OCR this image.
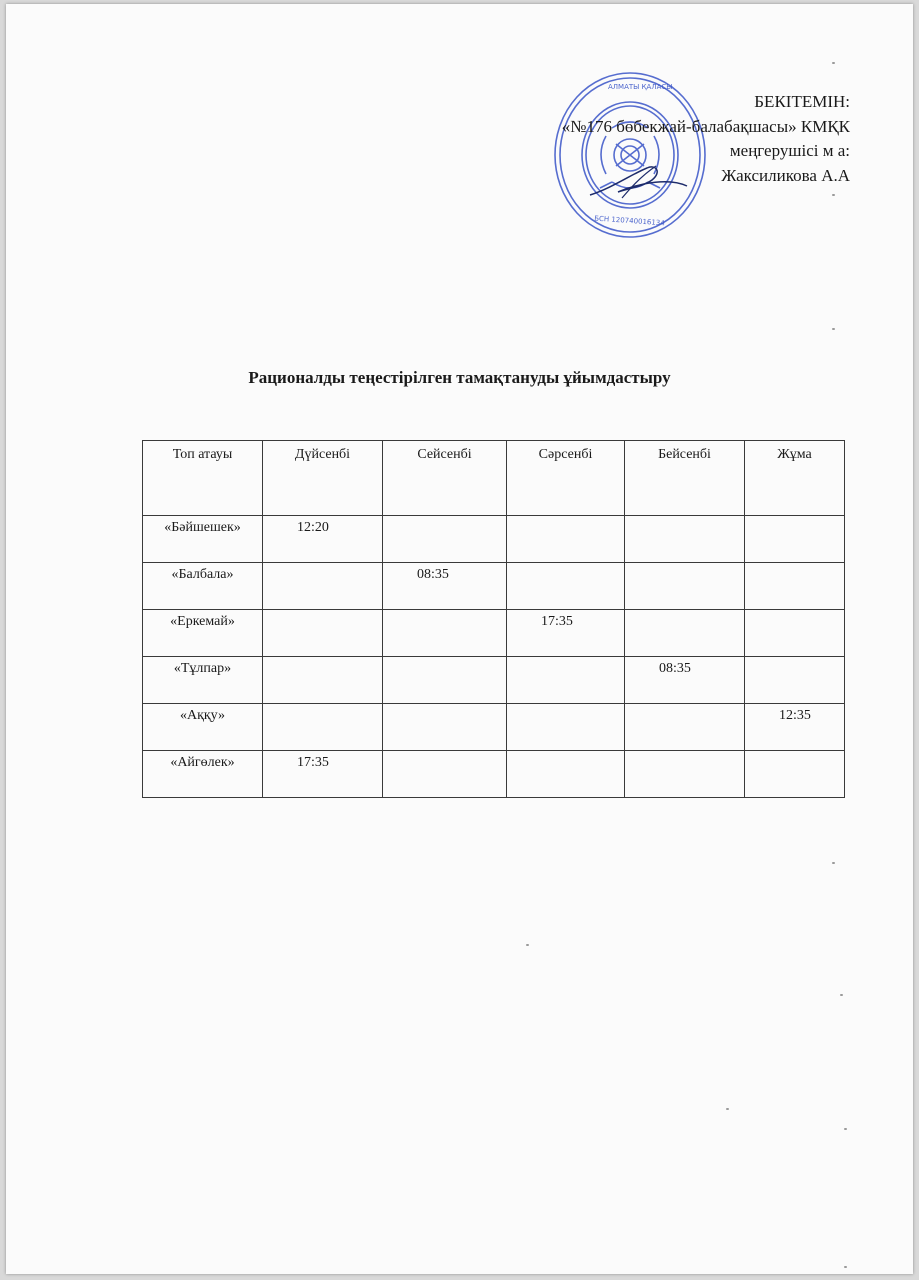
АЛМАТЫ ҚАЛАСЫ
БСН 120740016134
БЕКІТЕМІН:
«№176 бөбекжай-балабақшасы» КМҚК
меңгерушісі м а:
Жаксиликова А.А
Рационалды теңестірілген тамақтануды ұйымдастыру
Топ атауы	Дүйсенбі	Сейсенбі	Сәрсенбі	Бейсенбі	Жұма
«Бәйшешек»	12:20				
«Балбала»		08:35			
«Еркемай»			17:35		
«Тұлпар»				08:35	
«Аққу»					12:35
«Айгөлек»	17:35				
